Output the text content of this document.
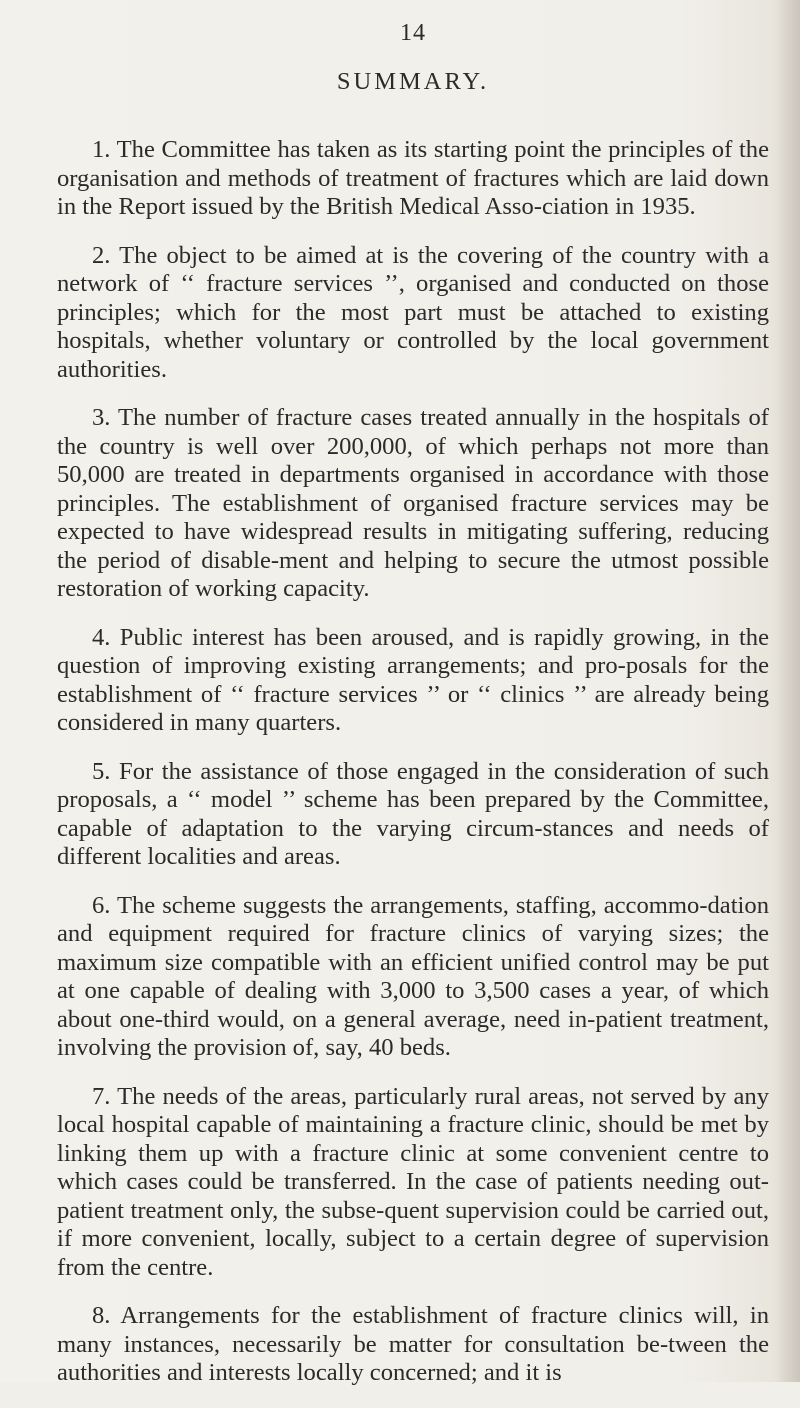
14
SUMMARY.

1. The Committee has taken as its starting point the principles of the organisation and methods of treatment of fractures which are laid down in the Report issued by the British Medical Asso-ciation in 1935.

2. The object to be aimed at is the covering of the country with a network of ‘‘ fracture services ’’, organised and conducted on those principles; which for the most part must be attached to existing hospitals, whether voluntary or controlled by the local government authorities.

3. The number of fracture cases treated annually in the hospitals of the country is well over 200,000, of which perhaps not more than 50,000 are treated in departments organised in accordance with those principles. The establishment of organised fracture services may be expected to have widespread results in mitigating suffering, reducing the period of disable-ment and helping to secure the utmost possible restoration of working capacity.

4. Public interest has been aroused, and is rapidly growing, in the question of improving existing arrangements; and pro-posals for the establishment of ‘‘ fracture services ’’ or ‘‘ clinics ’’ are already being considered in many quarters.

5. For the assistance of those engaged in the consideration of such proposals, a ‘‘ model ’’ scheme has been prepared by the Committee, capable of adaptation to the varying circum-stances and needs of different localities and areas.

6. The scheme suggests the arrangements, staffing, accommo-dation and equipment required for fracture clinics of varying sizes; the maximum size compatible with an efficient unified control may be put at one capable of dealing with 3,000 to 3,500 cases a year, of which about one-third would, on a general average, need in-patient treatment, involving the provision of, say, 40 beds.

7. The needs of the areas, particularly rural areas, not served by any local hospital capable of maintaining a fracture clinic, should be met by linking them up with a fracture clinic at some convenient centre to which cases could be transferred. In the case of patients needing out-patient treatment only, the subse-quent supervision could be carried out, if more convenient, locally, subject to a certain degree of supervision from the centre.

8. Arrangements for the establishment of fracture clinics will, in many instances, necessarily be matter for consultation be-tween the authorities and interests locally concerned; and it is
